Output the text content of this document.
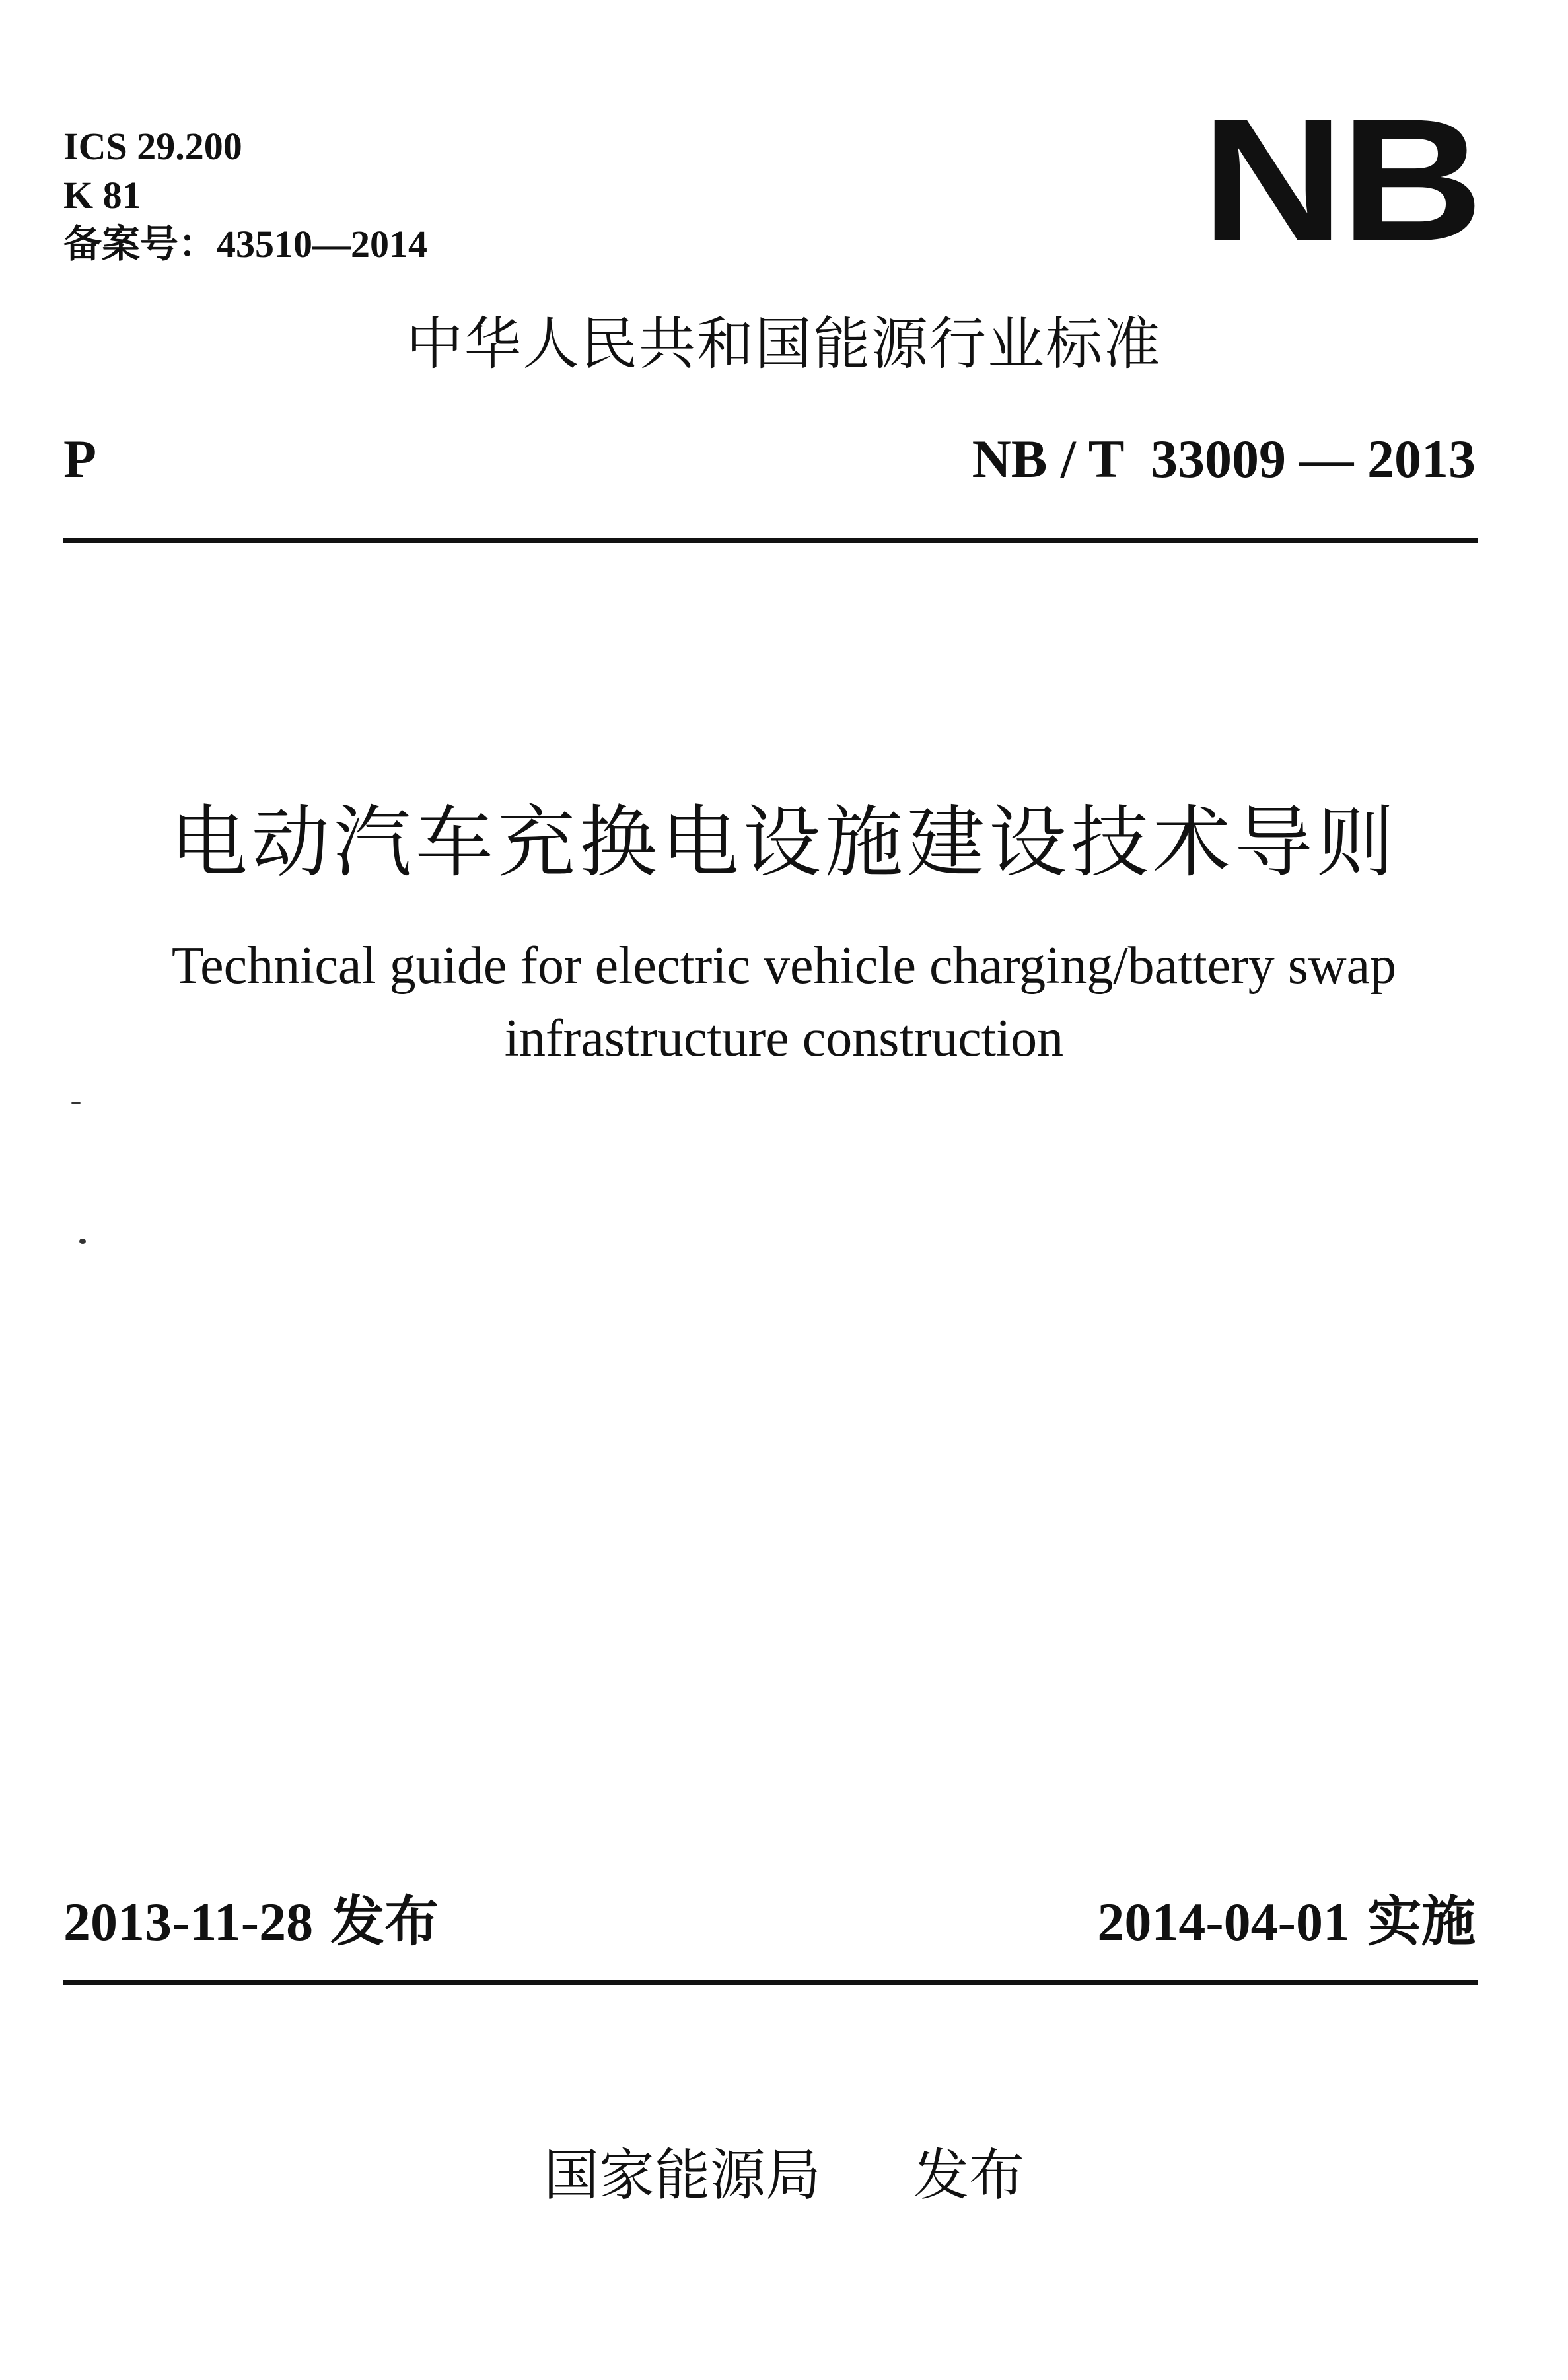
ICS 29.200
K 81
备案号：43510—2014	NB
中华人民共和国能源行业标准
P	NB / T  33009 — 2013
电动汽车充换电设施建设技术导则
Technical guide for electric vehicle charging/battery swap
infrastructure construction
2013-11-28 发布	2014-04-01 实施
国家能源局 发布
